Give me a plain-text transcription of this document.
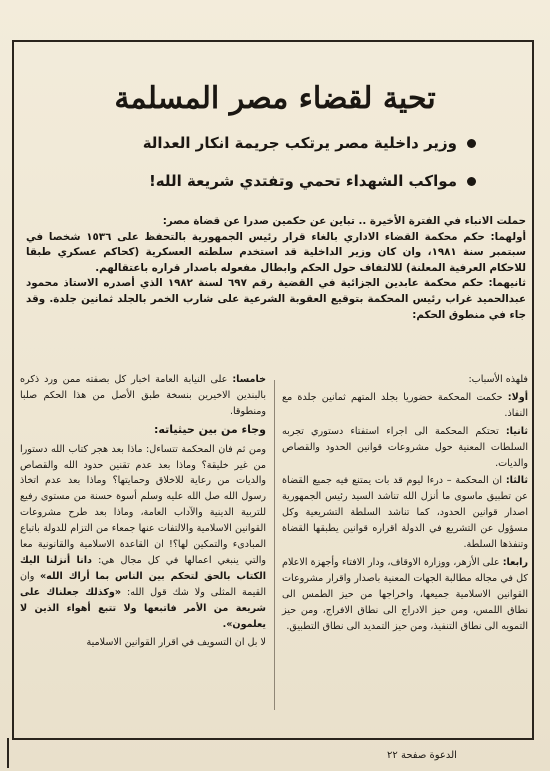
تحية لقضاء مصر المسلمة
وزير داخلية مصر يرتكب جريمة انكار العدالة
مواكب الشهداء تحمي وتفتدي شريعة الله!

حملت الانباء في الفترة الأخيرة .. تباين عن حكمين صدرا عن قضاة مصر:

أولهما: حكم محكمة القضاء الاداري بالغاء قرار رئيس الجمهورية بالتحفظ على ١٥٣٦ شخصا في سبتمبر سنة ١٩٨١، وان كان وزير الداخلية قد استخدم سلطته العسكرية (كحاكم عسكري طبقا للاحكام العرفية المعلنة) للالتفاف حول الحكم وابطال مفعوله باصدار قراره باعتقالهم.

ثانيهما: حكم محكمة عابدين الجزائية في القضية رقم ٦٩٧ لسنة ١٩٨٢ الذي أصدره الاستاذ محمود عبدالحميد غراب رئيس المحكمة بتوقيع العقوبة الشرعية على شارب الخمر بالجلد ثمانين جلدة. وقد جاء في منطوق الحكم:

فلهذه الأسباب:

أولا: حكمت المحكمة حضوريا بجلد المتهم ثمانين جلدة مع النفاذ.

ثانيا: تحتكم المحكمة الى اجراء استفتاء دستوري تجربه السلطات المعنية حول مشروعات قوانين الحدود والقصاص والديات.

ثالثا: ان المحكمة – درءا ليوم قد بات يمتنع فيه جميع القضاة عن تطبيق ماسوى ما أنزل الله تناشد السيد رئيس الجمهورية اصدار قوانين الحدود، كما تناشد السلطة التشريعية وكل مسؤول عن التشريع في الدولة اقراره قوانين يطبقها القضاة وتنفذها السلطة.

رابعا: على الأزهر، ووزارة الاوقاف، ودار الافتاء وأجهزة الاعلام كل في مجاله مطالبة الجهات المعنية باصدار واقرار مشروعات القوانين الاسلامية جميعها، واخراجها من حيز الطمس الى نطاق اللمس، ومن حيز الادراج الى نطاق الافراج، ومن حيز التمويه الى نطاق التنفيذ، ومن حيز التمديد الى نطاق التطبيق.

خامسا: على النيابة العامة اخبار كل بصفته ممن ورد ذكره بالبندين الاخيرين بنسخة طبق الأصل من هذا الحكم صلبا ومنطوقا.

وجاء من بين حيثياته:

ومن ثم فان المحكمة تتساءل: ماذا بعد هجر كتاب الله دستورا من غير خليقة؟ وماذا بعد عدم تقنين حدود الله والقصاص والديات من رعاية للاخلاق وحمايتها؟ وماذا بعد عدم اتخاذ رسول الله صل الله عليه وسلم أسوة حسنة من مستوى رفيع للتربية الدينية والآداب العامة، وماذا بعد طرح مشروعات القوانين الاسلامية والالتفات عنها جمعاء من التزام للدولة باتباع المبادىء والتمكين لها؟! ان القاعدة الاسلامية والقانونية معا والتي ينبغي اعمالها في كل مجال هي: دانا أنزلنا اليك الكتاب بالحق لتحكم بين الناس بما أراك الله» وان القيمة المثلى ولا شك قول الله: «وكذلك جعلناك على شريعة من الأمر فاتبعها ولا تتبع أهواء الذين لا يعلمون».

لا بل ان التسويف في اقرار القوانين الاسلامية

الدعوة صفحة ٢٢
